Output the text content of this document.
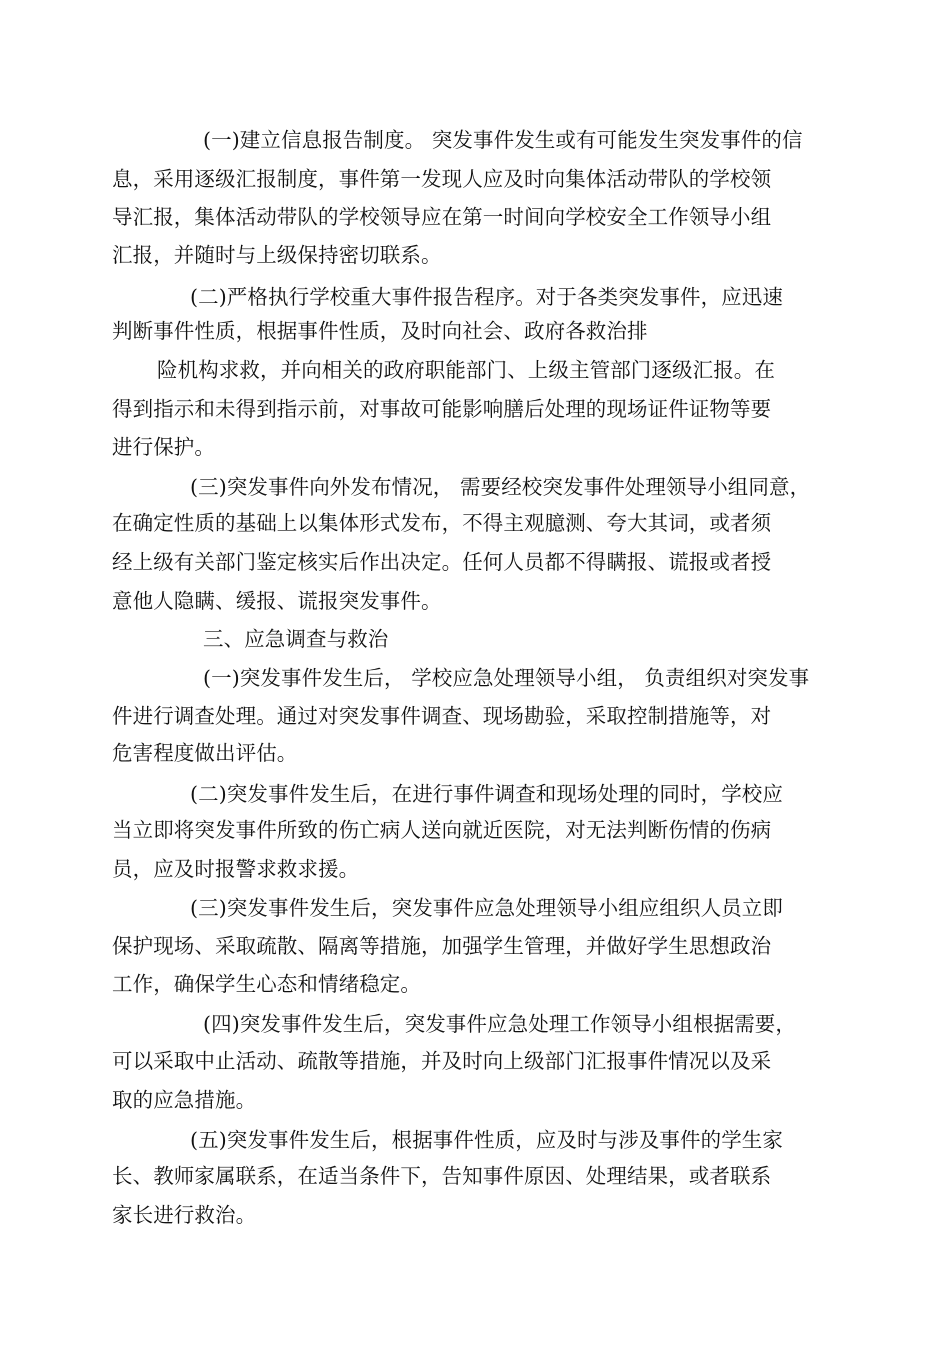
(一)建立信息报告制度。 突发事件发生或有可能发生突发事件的信
息，采用逐级汇报制度，事件第一发现人应及时向集体活动带队的学校领
导汇报，集体活动带队的学校领导应在第一时间向学校安全工作领导小组
汇报，并随时与上级保持密切联系。
(二)严格执行学校重大事件报告程序。对于各类突发事件，应迅速
判断事件性质，根据事件性质，及时向社会、政府各救治排
险机构求救，并向相关的政府职能部门、上级主管部门逐级汇报。在
得到指示和未得到指示前，对事故可能影响膳后处理的现场证件证物等要
进行保护。
(三)突发事件向外发布情况， 需要经校突发事件处理领导小组同意，
在确定性质的基础上以集体形式发布，不得主观臆测、夸大其词，或者须
经上级有关部门鉴定核实后作出决定。任何人员都不得瞒报、谎报或者授
意他人隐瞒、缓报、谎报突发事件。
三、应急调查与救治
(一)突发事件发生后， 学校应急处理领导小组， 负责组织对突发事
件进行调查处理。通过对突发事件调查、现场勘验，采取控制措施等，对
危害程度做出评估。
(二)突发事件发生后，在进行事件调查和现场处理的同时，学校应
当立即将突发事件所致的伤亡病人送向就近医院，对无法判断伤情的伤病
员，应及时报警求救求援。
(三)突发事件发生后，突发事件应急处理领导小组应组织人员立即
保护现场、采取疏散、隔离等措施，加强学生管理，并做好学生思想政治
工作，确保学生心态和情绪稳定。
(四)突发事件发生后，突发事件应急处理工作领导小组根据需要，
可以采取中止活动、疏散等措施，并及时向上级部门汇报事件情况以及采
取的应急措施。
(五)突发事件发生后，根据事件性质，应及时与涉及事件的学生家
长、教师家属联系，在适当条件下，告知事件原因、处理结果，或者联系
家长进行救治。
